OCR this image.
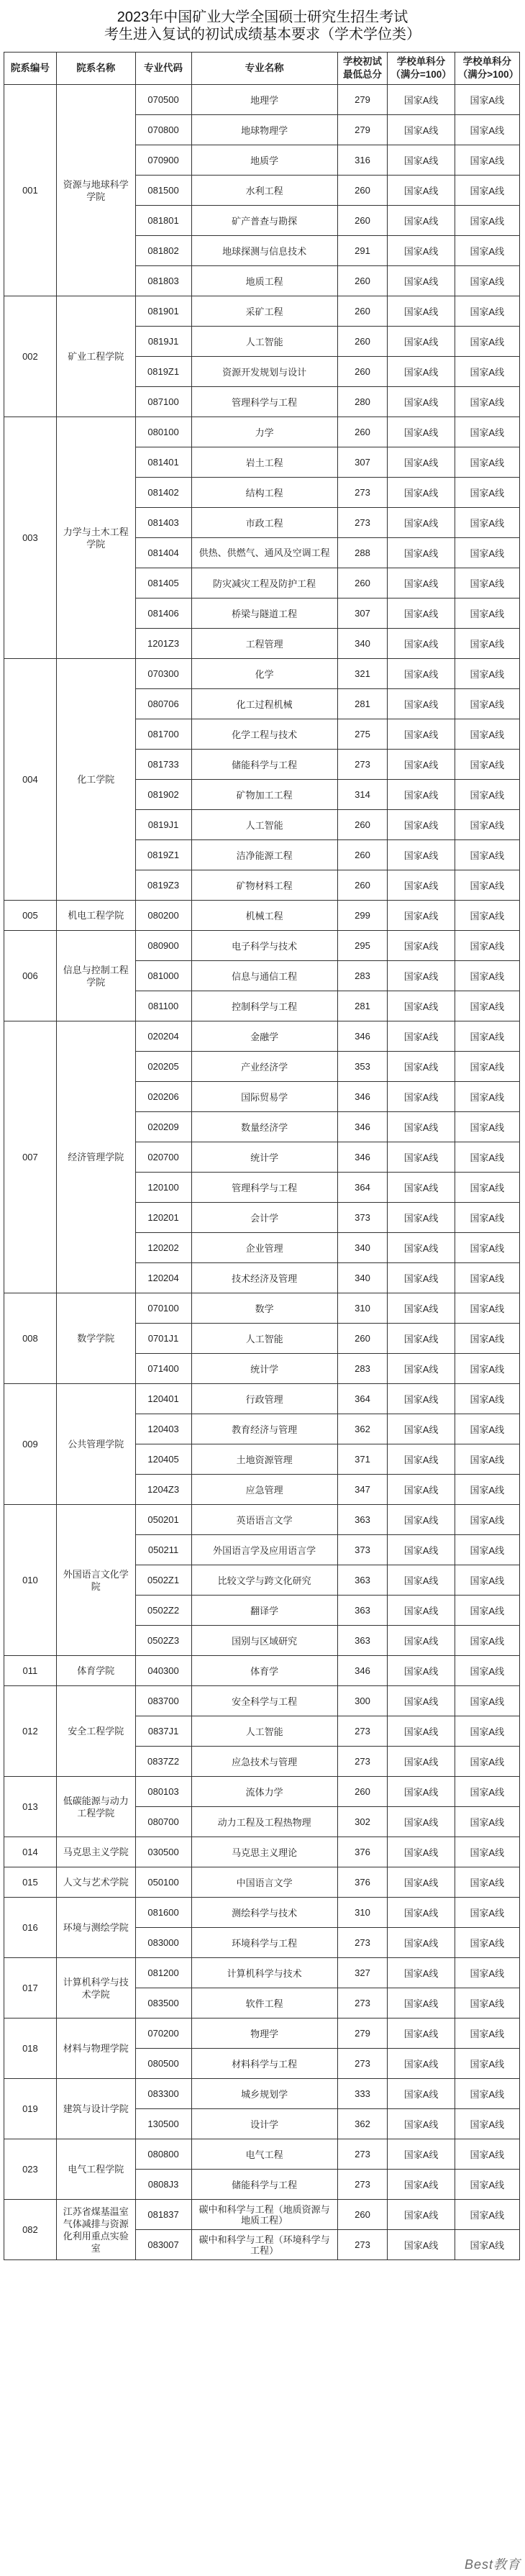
2023年中国矿业大学全国硕士研究生招生考试
考生进入复试的初试成绩基本要求（学术学位类）
院系编号	院系名称	专业代码	专业名称	学校初试最低总分	学校单科分（满分=100）	学校单科分（满分>100）
001	资源与地球科学学院	070500	地理学	279	国家A线	国家A线
		070800	地球物理学	279	国家A线	国家A线
		070900	地质学	316	国家A线	国家A线
		081500	水利工程	260	国家A线	国家A线
		081801	矿产普查与勘探	260	国家A线	国家A线
		081802	地球探测与信息技术	291	国家A线	国家A线
		081803	地质工程	260	国家A线	国家A线
002	矿业工程学院	081901	采矿工程	260	国家A线	国家A线
		0819J1	人工智能	260	国家A线	国家A线
		0819Z1	资源开发规划与设计	260	国家A线	国家A线
		087100	管理科学与工程	280	国家A线	国家A线
003	力学与土木工程学院	080100	力学	260	国家A线	国家A线
		081401	岩土工程	307	国家A线	国家A线
		081402	结构工程	273	国家A线	国家A线
		081403	市政工程	273	国家A线	国家A线
		081404	供热、供燃气、通风及空调工程	288	国家A线	国家A线
		081405	防灾减灾工程及防护工程	260	国家A线	国家A线
		081406	桥梁与隧道工程	307	国家A线	国家A线
		1201Z3	工程管理	340	国家A线	国家A线
004	化工学院	070300	化学	321	国家A线	国家A线
		080706	化工过程机械	281	国家A线	国家A线
		081700	化学工程与技术	275	国家A线	国家A线
		081733	储能科学与工程	273	国家A线	国家A线
		081902	矿物加工工程	314	国家A线	国家A线
		0819J1	人工智能	260	国家A线	国家A线
		0819Z1	洁净能源工程	260	国家A线	国家A线
		0819Z3	矿物材料工程	260	国家A线	国家A线
005	机电工程学院	080200	机械工程	299	国家A线	国家A线
006	信息与控制工程学院	080900	电子科学与技术	295	国家A线	国家A线
		081000	信息与通信工程	283	国家A线	国家A线
		081100	控制科学与工程	281	国家A线	国家A线
007	经济管理学院	020204	金融学	346	国家A线	国家A线
		020205	产业经济学	353	国家A线	国家A线
		020206	国际贸易学	346	国家A线	国家A线
		020209	数量经济学	346	国家A线	国家A线
		020700	统计学	346	国家A线	国家A线
		120100	管理科学与工程	364	国家A线	国家A线
		120201	会计学	373	国家A线	国家A线
		120202	企业管理	340	国家A线	国家A线
		120204	技术经济及管理	340	国家A线	国家A线
008	数学学院	070100	数学	310	国家A线	国家A线
		0701J1	人工智能	260	国家A线	国家A线
		071400	统计学	283	国家A线	国家A线
009	公共管理学院	120401	行政管理	364	国家A线	国家A线
		120403	教育经济与管理	362	国家A线	国家A线
		120405	土地资源管理	371	国家A线	国家A线
		1204Z3	应急管理	347	国家A线	国家A线
010	外国语言文化学院	050201	英语语言文学	363	国家A线	国家A线
		050211	外国语言学及应用语言学	373	国家A线	国家A线
		0502Z1	比较文学与跨文化研究	363	国家A线	国家A线
		0502Z2	翻译学	363	国家A线	国家A线
		0502Z3	国别与区域研究	363	国家A线	国家A线
011	体育学院	040300	体育学	346	国家A线	国家A线
012	安全工程学院	083700	安全科学与工程	300	国家A线	国家A线
		0837J1	人工智能	273	国家A线	国家A线
		0837Z2	应急技术与管理	273	国家A线	国家A线
013	低碳能源与动力工程学院	080103	流体力学	260	国家A线	国家A线
		080700	动力工程及工程热物理	302	国家A线	国家A线
014	马克思主义学院	030500	马克思主义理论	376	国家A线	国家A线
015	人文与艺术学院	050100	中国语言文学	376	国家A线	国家A线
016	环境与测绘学院	081600	测绘科学与技术	310	国家A线	国家A线
		083000	环境科学与工程	273	国家A线	国家A线
017	计算机科学与技术学院	081200	计算机科学与技术	327	国家A线	国家A线
		083500	软件工程	273	国家A线	国家A线
018	材料与物理学院	070200	物理学	279	国家A线	国家A线
		080500	材料科学与工程	273	国家A线	国家A线
019	建筑与设计学院	083300	城乡规划学	333	国家A线	国家A线
		130500	设计学	362	国家A线	国家A线
023	电气工程学院	080800	电气工程	273	国家A线	国家A线
		0808J3	储能科学与工程	273	国家A线	国家A线
082	江苏省煤基温室气体减排与资源化利用重点实验室	081837	碳中和科学与工程（地质资源与地质工程）	260	国家A线	国家A线
		083007	碳中和科学与工程（环境科学与工程）	273	国家A线	国家A线
Best教育
